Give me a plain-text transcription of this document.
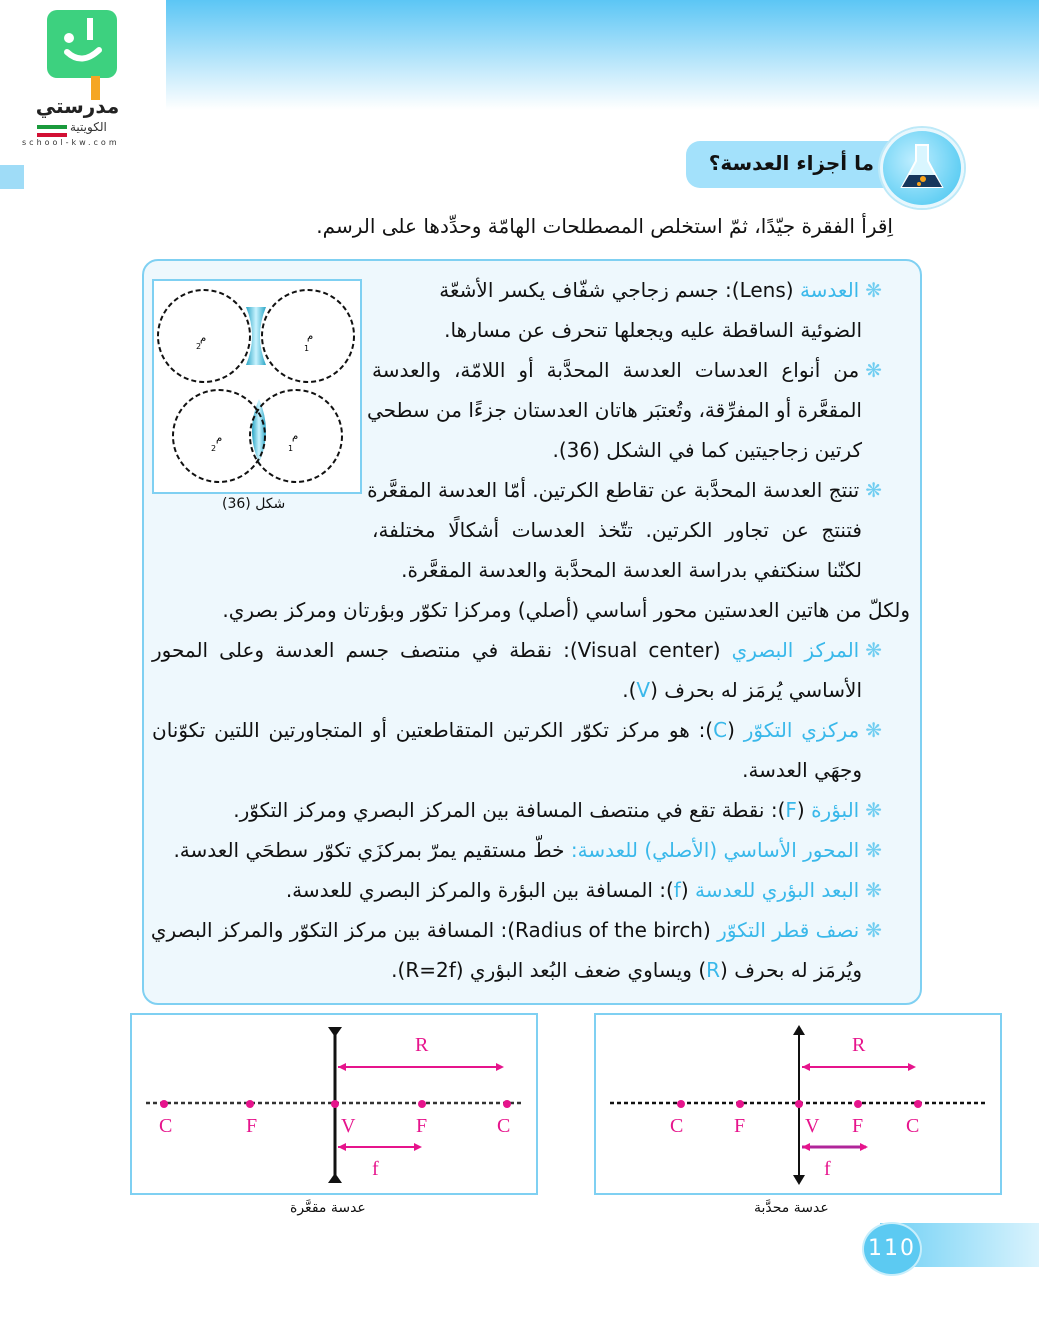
مدرستي
الكويتية
school-kw.com
ما أجزاء العدسة؟
اِقرأ الفقرة جيّدًا، ثمّ استخلص المصطلحات الهامّة وحدِّدها على الرسم.
م
2
م
1
م
2
م
1
شكل (36)
❋العدسة (Lens): جسم زجاجي شفّاف يكسر الأشعّة
الضوئية الساقطة عليه ويجعلها تنحرف عن مسارها.
❋من أنواع العدسات العدسة المحدَّبة أو اللامّة، والعدسة
المقعَّرة أو المفرِّقة، وتُعتبَر هاتان العدستان جزءًا من سطحي
كرتين زجاجيتين كما في الشكل (36).
❋تنتج العدسة المحدَّبة عن تقاطع الكرتين. أمّا العدسة المقعَّرة
فتنتج عن تجاور الكرتين. تتّخذ العدسات أشكالًا مختلفة،
لكنّنا سنكتفي بدراسة العدسة المحدَّبة والعدسة المقعَّرة.
ولكلّ من هاتين العدستين محور أساسي (أصلي) ومركزا تكوّر وبؤرتان ومركز بصري.
❋المركز البصري (Visual center): نقطة في منتصف جسم العدسة وعلى المحور
الأساسي يُرمَز له بحرف (V).
❋مركزي التكوّر (C): هو مركز تكوّر الكرتين المتقاطعتين أو المتجاورتين اللتين تكوّنان
وجهَي العدسة.
❋البؤرة (F): نقطة تقع في منتصف المسافة بين المركز البصري ومركز التكوّر.
❋المحور الأساسي (الأصلي) للعدسة: خطّ مستقيم يمرّ بمركزَي تكوّر سطحَي العدسة.
❋البعد البؤري للعدسة (f): المسافة بين البؤرة والمركز البصري للعدسة.
❋نصف قطر التكوّر (Radius of the birch): المسافة بين مركز التكوّر والمركز البصري
ويُرمَز له بحرف (R) ويساوي ضعف البُعد البؤري (R=2f).
R
f
C	F	V	F	C
عدسة مقعَّرة
R
f
C	F	V F C
عدسة محدَّبة
110
